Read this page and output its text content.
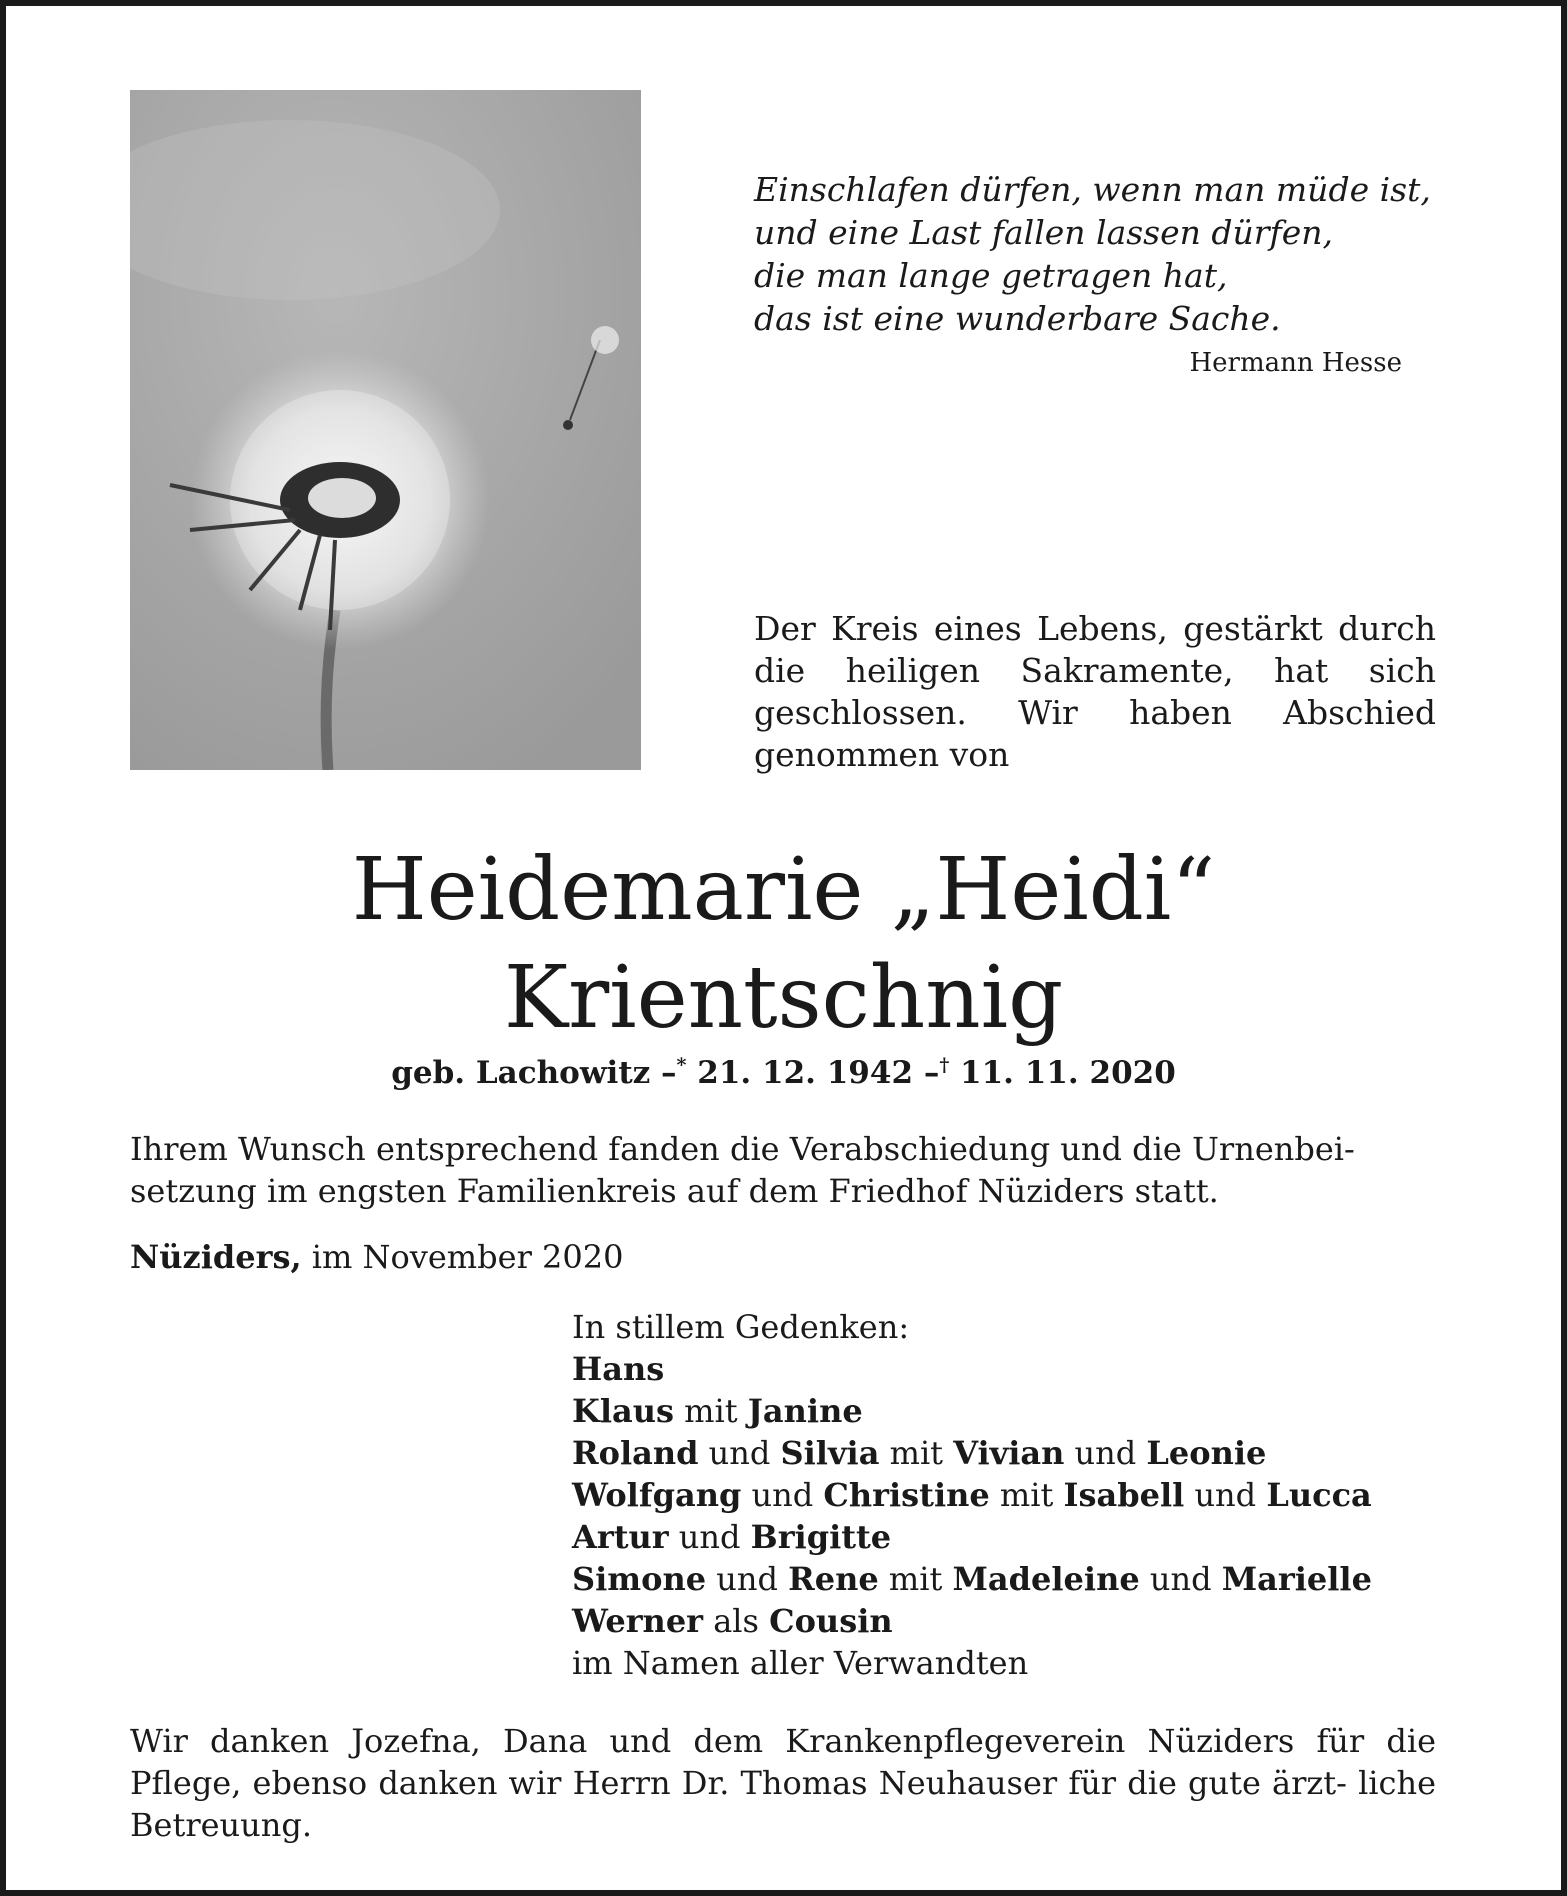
Einschlafen dürfen, wenn man müde ist,
und eine Last fallen lassen dürfen,
die man lange getragen hat,
das ist eine wunderbare Sache.
Hermann Hesse
Der Kreis eines Lebens, gestärkt durch die heiligen Sakramente, hat sich geschlossen. Wir haben Abschied genommen von
Heidemarie „Heidi“
Krientschnig
geb. Lachowitz –* 21. 12. 1942 –† 11. 11. 2020
Ihrem Wunsch entsprechend fanden die Verabschiedung und die Urnenbei-
setzung im engsten Familienkreis auf dem Friedhof Nüziders statt.
Nüziders, im November 2020
In stillem Gedenken:
Hans
Klaus mit Janine
Roland und Silvia mit Vivian und Leonie
Wolfgang und Christine mit Isabell und Lucca
Artur und Brigitte
Simone und Rene mit Madeleine und Marielle
Werner als Cousin
im Namen aller Verwandten
Wir danken Jozefna, Dana und dem Krankenpflegeverein Nüziders für die Pflege, ebenso danken wir Herrn Dr. Thomas Neuhauser für die gute ärzt- liche Betreuung.
